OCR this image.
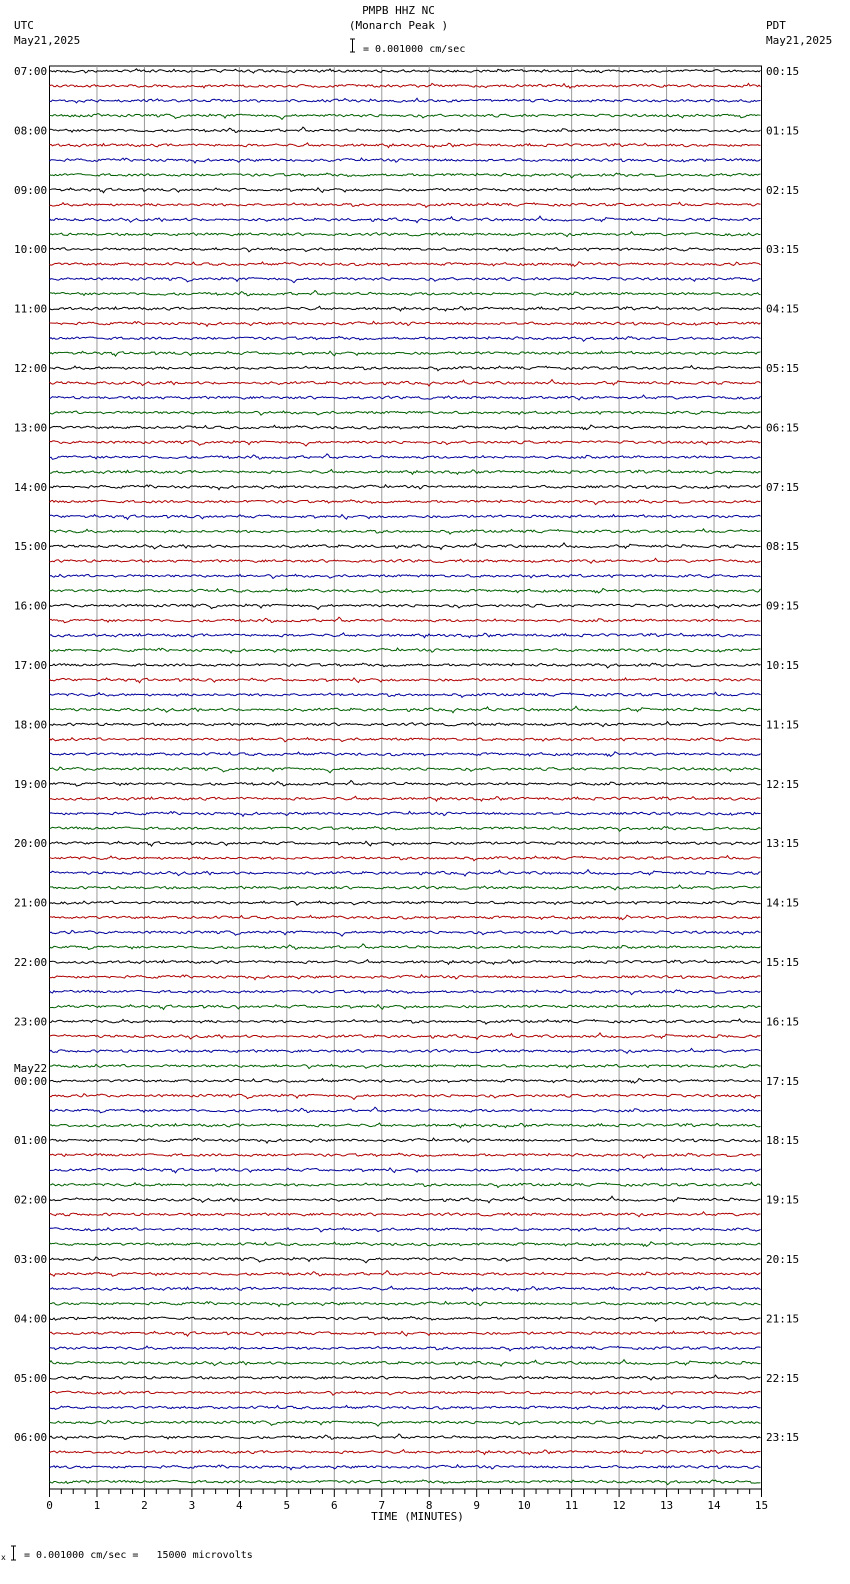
UTC
May21,2025
PDT
May21,2025
PMPB HHZ NC
(Monarch Peak )
= 0.001000 cm/sec
07:00
08:00
09:00
10:00
11:00
12:00
13:00
14:00
15:00
16:00
17:00
18:00
19:00
20:00
21:00
22:00
23:00
00:00
May22
01:00
02:00
03:00
04:00
05:00
06:00
00:15
01:15
02:15
03:15
04:15
05:15
06:15
07:15
08:15
09:15
10:15
11:15
12:15
13:15
14:15
15:15
16:15
17:15
18:15
19:15
20:15
21:15
22:15
23:15
0	1	2	3	4	5	6	7	8	9	10	11	12	13	14	15
TIME (MINUTES)
x = 0.001000 cm/sec =   15000 microvolts
